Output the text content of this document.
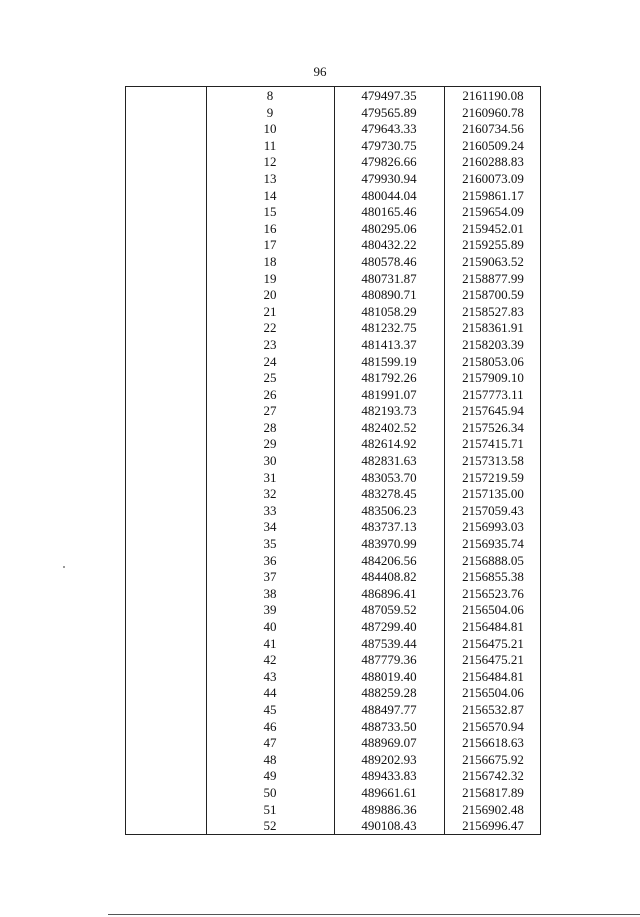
96
8	479497.35	2161190.08
9	479565.89	2160960.78
10	479643.33	2160734.56
11	479730.75	2160509.24
12	479826.66	2160288.83
13	479930.94	2160073.09
14	480044.04	2159861.17
15	480165.46	2159654.09
16	480295.06	2159452.01
17	480432.22	2159255.89
18	480578.46	2159063.52
19	480731.87	2158877.99
20	480890.71	2158700.59
21	481058.29	2158527.83
22	481232.75	2158361.91
23	481413.37	2158203.39
24	481599.19	2158053.06
25	481792.26	2157909.10
26	481991.07	2157773.11
27	482193.73	2157645.94
28	482402.52	2157526.34
29	482614.92	2157415.71
30	482831.63	2157313.58
31	483053.70	2157219.59
32	483278.45	2157135.00
33	483506.23	2157059.43
34	483737.13	2156993.03
35	483970.99	2156935.74
36	484206.56	2156888.05
37	484408.82	2156855.38
38	486896.41	2156523.76
39	487059.52	2156504.06
40	487299.40	2156484.81
41	487539.44	2156475.21
42	487779.36	2156475.21
43	488019.40	2156484.81
44	488259.28	2156504.06
45	488497.77	2156532.87
46	488733.50	2156570.94
47	488969.07	2156618.63
48	489202.93	2156675.92
49	489433.83	2156742.32
50	489661.61	2156817.89
51	489886.36	2156902.48
52	490108.43	2156996.47
